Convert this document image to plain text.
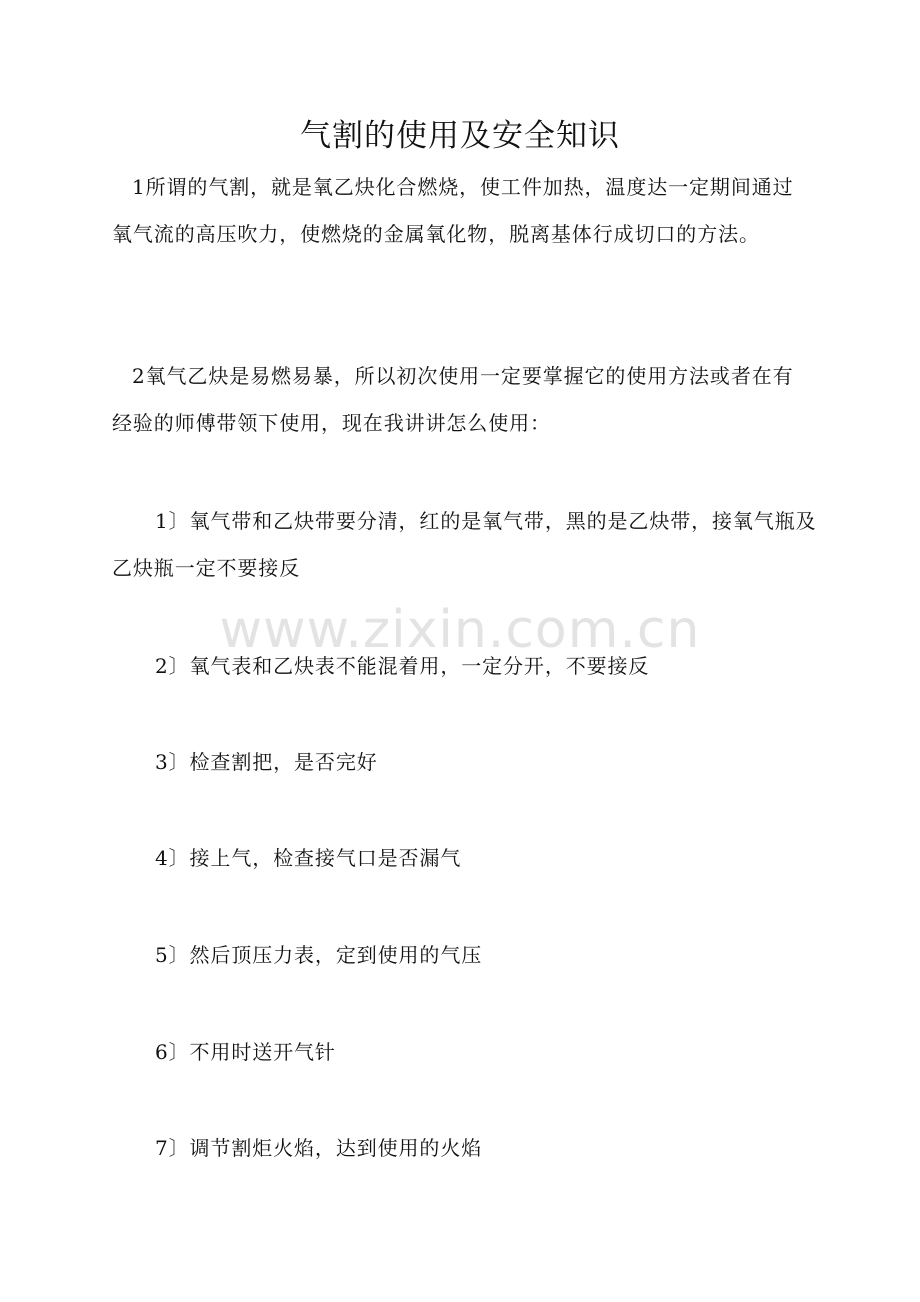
气割的使用及安全知识
1所谓的气割，就是氧乙炔化合燃烧，使工件加热，温度达一定期间通过氧气流的高压吹力，使燃烧的金属氧化物，脱离基体行成切口的方法。
2氧气乙炔是易燃易暴，所以初次使用一定要掌握它的使用方法或者在有经验的师傅带领下使用，现在我讲讲怎么使用：
1〕氧气带和乙炔带要分清，红的是氧气带，黑的是乙炔带，接氧气瓶及乙炔瓶一定不要接反
2〕氧气表和乙炔表不能混着用，一定分开，不要接反
3〕检查割把，是否完好
4〕接上气，检查接气口是否漏气
5〕然后顶压力表，定到使用的气压
6〕不用时送开气针
7〕调节割炬火焰，达到使用的火焰
www.zixin.com.cn
